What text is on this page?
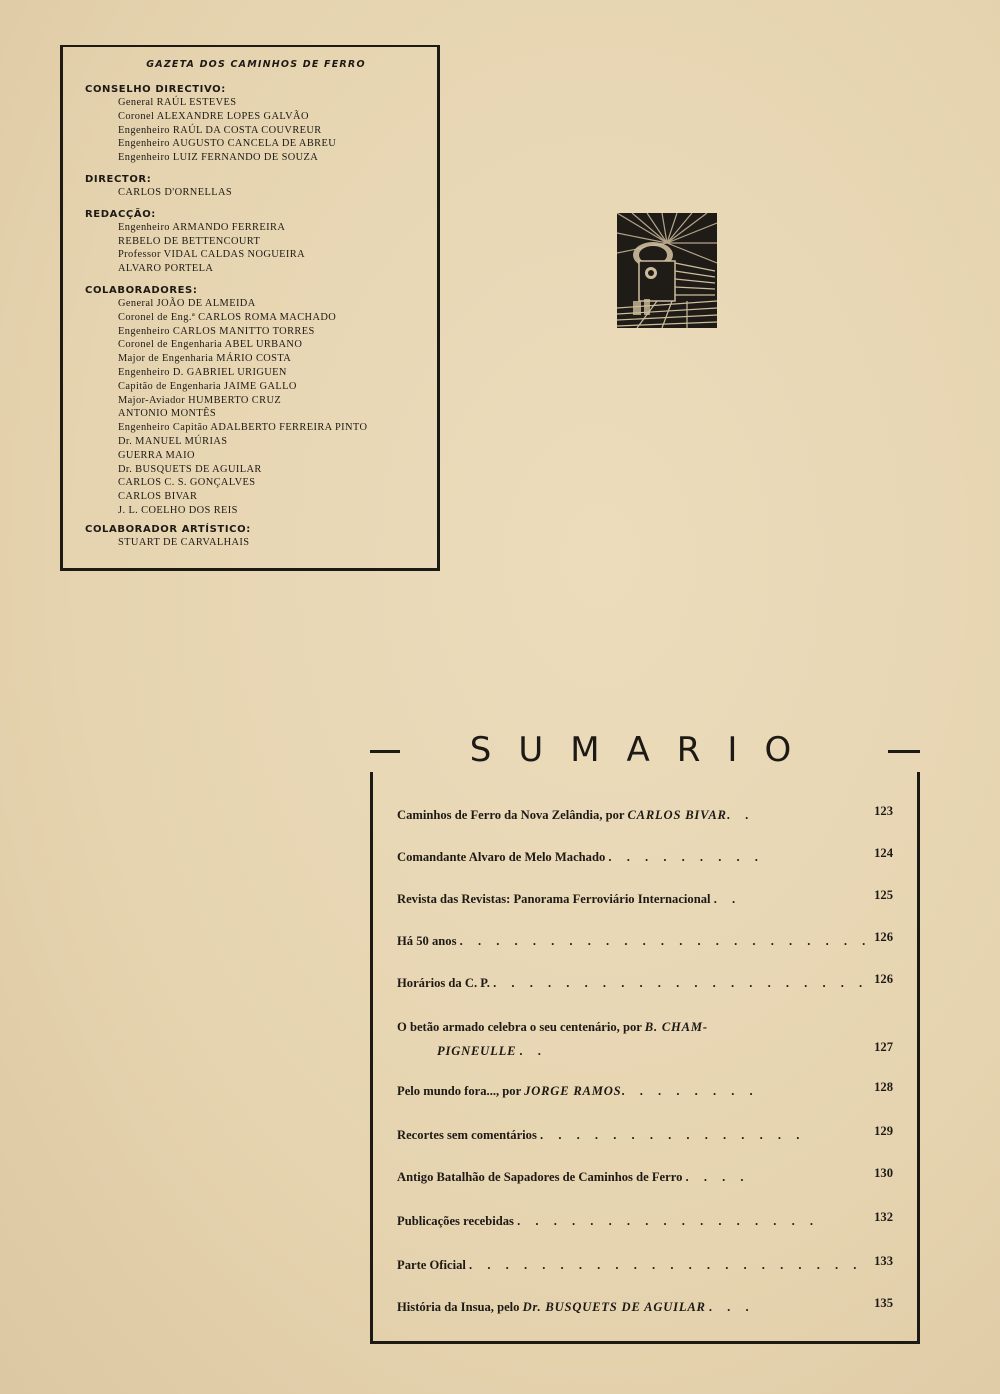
GAZETA DOS CAMINHOS DE FERRO
CONSELHO DIRECTIVO:
General RAÚL ESTEVES
Coronel ALEXANDRE LOPES GALVÃO
Engenheiro RAÚL DA COSTA COUVREUR
Engenheiro AUGUSTO CANCELA DE ABREU
Engenheiro LUIZ FERNANDO DE SOUZA
DIRECTOR:
CARLOS D'ORNELLAS
REDACÇÃO:
Engenheiro ARMANDO FERREIRA
REBELO DE BETTENCOURT
Professor VIDAL CALDAS NOGUEIRA
ALVARO PORTELA
COLABORADORES:
General JOÃO DE ALMEIDA
Coronel de Eng.ª CARLOS ROMA MACHADO
Engenheiro CARLOS MANITTO TORRES
Coronel de Engenharia ABEL URBANO
Major de Engenharia MÁRIO COSTA
Engenheiro D. GABRIEL URIGUEN
Capitão de Engenharia JAIME GALLO
Major-Aviador HUMBERTO CRUZ
ANTONIO MONTÊS
Engenheiro Capitão ADALBERTO FERREIRA PINTO
Dr. MANUEL MÚRIAS
GUERRA MAIO
Dr. BUSQUETS DE AGUILAR
CARLOS C. S. GONÇALVES
CARLOS BIVAR
J. L. COELHO DOS REIS
COLABORADOR ARTÍSTICO:
STUART DE CARVALHAIS
SUMARIO
Caminhos de Ferro da Nova Zelândia, por CARLOS BIVAR. .	123
Comandante Alvaro de Melo Machado . . . . . . . . .	124
Revista das Revistas: Panorama Ferroviário Internacional . .	125
Há 50 anos . . . . . . . . . . . . . . . . . . . . . . . 126
Horários da C. P. . . . . . . . . . . . . . . . . . . . . . 126
O betão armado celebra o seu centenário, por B. CHAM-
PIGNEULLE . .	127
Pelo mundo fora..., por JORGE RAMOS. . . . . . . .	128
Recortes sem comentários . . . . . . . . . . . . . . .	129
Antigo Batalhão de Sapadores de Caminhos de Ferro . . . .	130
Publicações recebidas . . . . . . . . . . . . . . . . .	132
Parte Oficial . . . . . . . . . . . . . . . . . . . . . . 133
História da Insua, pelo Dr. BUSQUETS DE AGUILAR . . .	135
